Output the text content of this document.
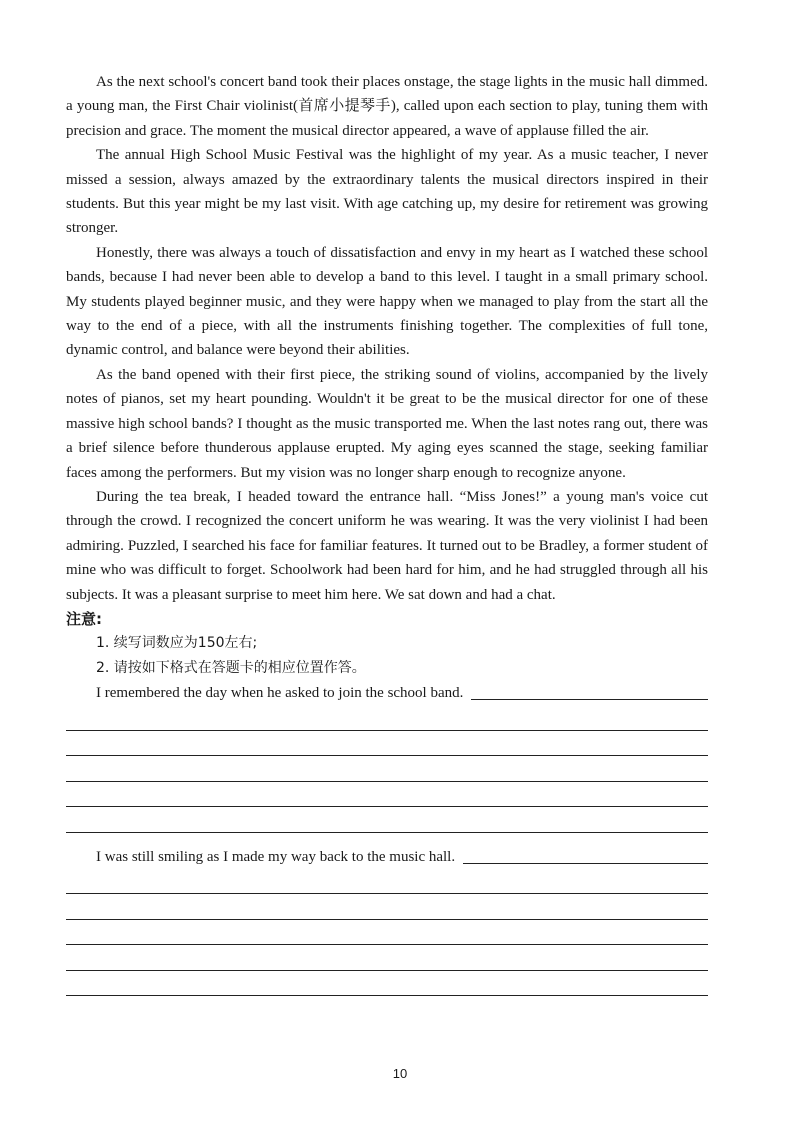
As the next school's concert band took their places onstage, the stage lights in the music hall dimmed. a young man, the First Chair violinist(首席小提琴手), called upon each section to play, tuning them with precision and grace. The moment the musical director appeared, a wave of applause filled the air.

The annual High School Music Festival was the highlight of my year. As a music teacher, I never missed a session, always amazed by the extraordinary talents the musical directors inspired in their students. But this year might be my last visit. With age catching up, my desire for retirement was growing stronger.

Honestly, there was always a touch of dissatisfaction and envy in my heart as I watched these school bands, because I had never been able to develop a band to this level. I taught in a small primary school. My students played beginner music, and they were happy when we managed to play from the start all the way to the end of a piece, with all the instruments finishing together. The complexities of full tone, dynamic control, and balance were beyond their abilities.

As the band opened with their first piece, the striking sound of violins, accompanied by the lively notes of pianos, set my heart pounding. Wouldn't it be great to be the musical director for one of these massive high school bands? I thought as the music transported me. When the last notes rang out, there was a brief silence before thunderous applause erupted. My aging eyes scanned the stage, seeking familiar faces among the performers. But my vision was no longer sharp enough to recognize anyone.

During the tea break, I headed toward the entrance hall. “Miss Jones!” a young man's voice cut through the crowd. I recognized the concert uniform he was wearing. It was the very violinist I had been admiring. Puzzled, I searched his face for familiar features. It turned out to be Bradley, a former student of mine who was difficult to forget. Schoolwork had been hard for him, and he had struggled through all his subjects. It was a pleasant surprise to meet him here. We sat down and had a chat.

注意:

1. 续写词数应为150左右;

2. 请按如下格式在答题卡的相应位置作答。

I remembered the day when he asked to join the school band.
I was still smiling as I made my way back to the music hall.
10
